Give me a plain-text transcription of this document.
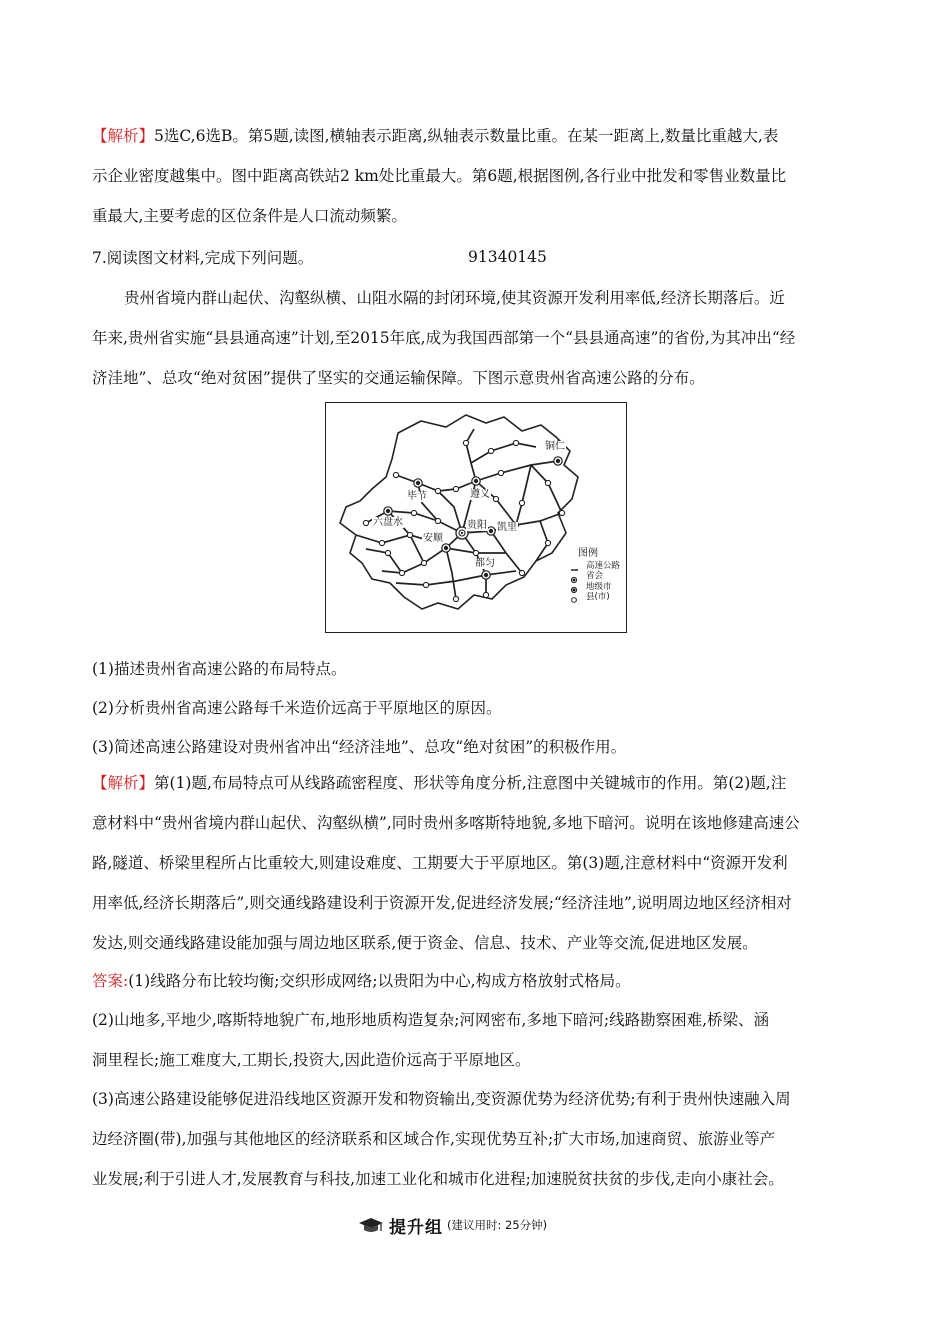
【解析】5选C,6选B。第5题,读图,横轴表示距离,纵轴表示数量比重。在某一距离上,数量比重越大,表
示企业密度越集中。图中距离高铁站2 km处比重最大。第6题,根据图例,各行业中批发和零售业数量比
重最大,主要考虑的区位条件是人口流动频繁。
7.阅读图文材料,完成下列问题。	91340145
贵州省境内群山起伏、沟壑纵横、山阻水隔的封闭环境,使其资源开发利用率低,经济长期落后。近
年来,贵州省实施“县县通高速”计划,至2015年底,成为我国西部第一个“县县通高速”的省份,为其冲出“经
济洼地”、总攻“绝对贫困”提供了坚实的交通运输保障。下图示意贵州省高速公路的分布。
遵义
铜仁
毕节
六盘水	贵阳
安顺
凯里
都匀
图例
高速公路
省会
地级市
县(市)
(1)描述贵州省高速公路的布局特点。
(2)分析贵州省高速公路每千米造价远高于平原地区的原因。
(3)简述高速公路建设对贵州省冲出“经济洼地”、总攻“绝对贫困”的积极作用。
【解析】第(1)题,布局特点可从线路疏密程度、形状等角度分析,注意图中关键城市的作用。第(2)题,注
意材料中“贵州省境内群山起伏、沟壑纵横”,同时贵州多喀斯特地貌,多地下暗河。说明在该地修建高速公
路,隧道、桥梁里程所占比重较大,则建设难度、工期要大于平原地区。第(3)题,注意材料中“资源开发利
用率低,经济长期落后”,则交通线路建设利于资源开发,促进经济发展;“经济洼地”,说明周边地区经济相对
发达,则交通线路建设能加强与周边地区联系,便于资金、信息、技术、产业等交流,促进地区发展。
答案:(1)线路分布比较均衡;交织形成网络;以贵阳为中心,构成方格放射式格局。
(2)山地多,平地少,喀斯特地貌广布,地形地质构造复杂;河网密布,多地下暗河;线路勘察困难,桥梁、涵
洞里程长;施工难度大,工期长,投资大,因此造价远高于平原地区。
(3)高速公路建设能够促进沿线地区资源开发和物资输出,变资源优势为经济优势;有利于贵州快速融入周
边经济圈(带),加强与其他地区的经济联系和区域合作,实现优势互补;扩大市场,加速商贸、旅游业等产
业发展;利于引进人才,发展教育与科技,加速工业化和城市化进程;加速脱贫扶贫的步伐,走向小康社会。
提升组 (建议用时: 25分钟)
